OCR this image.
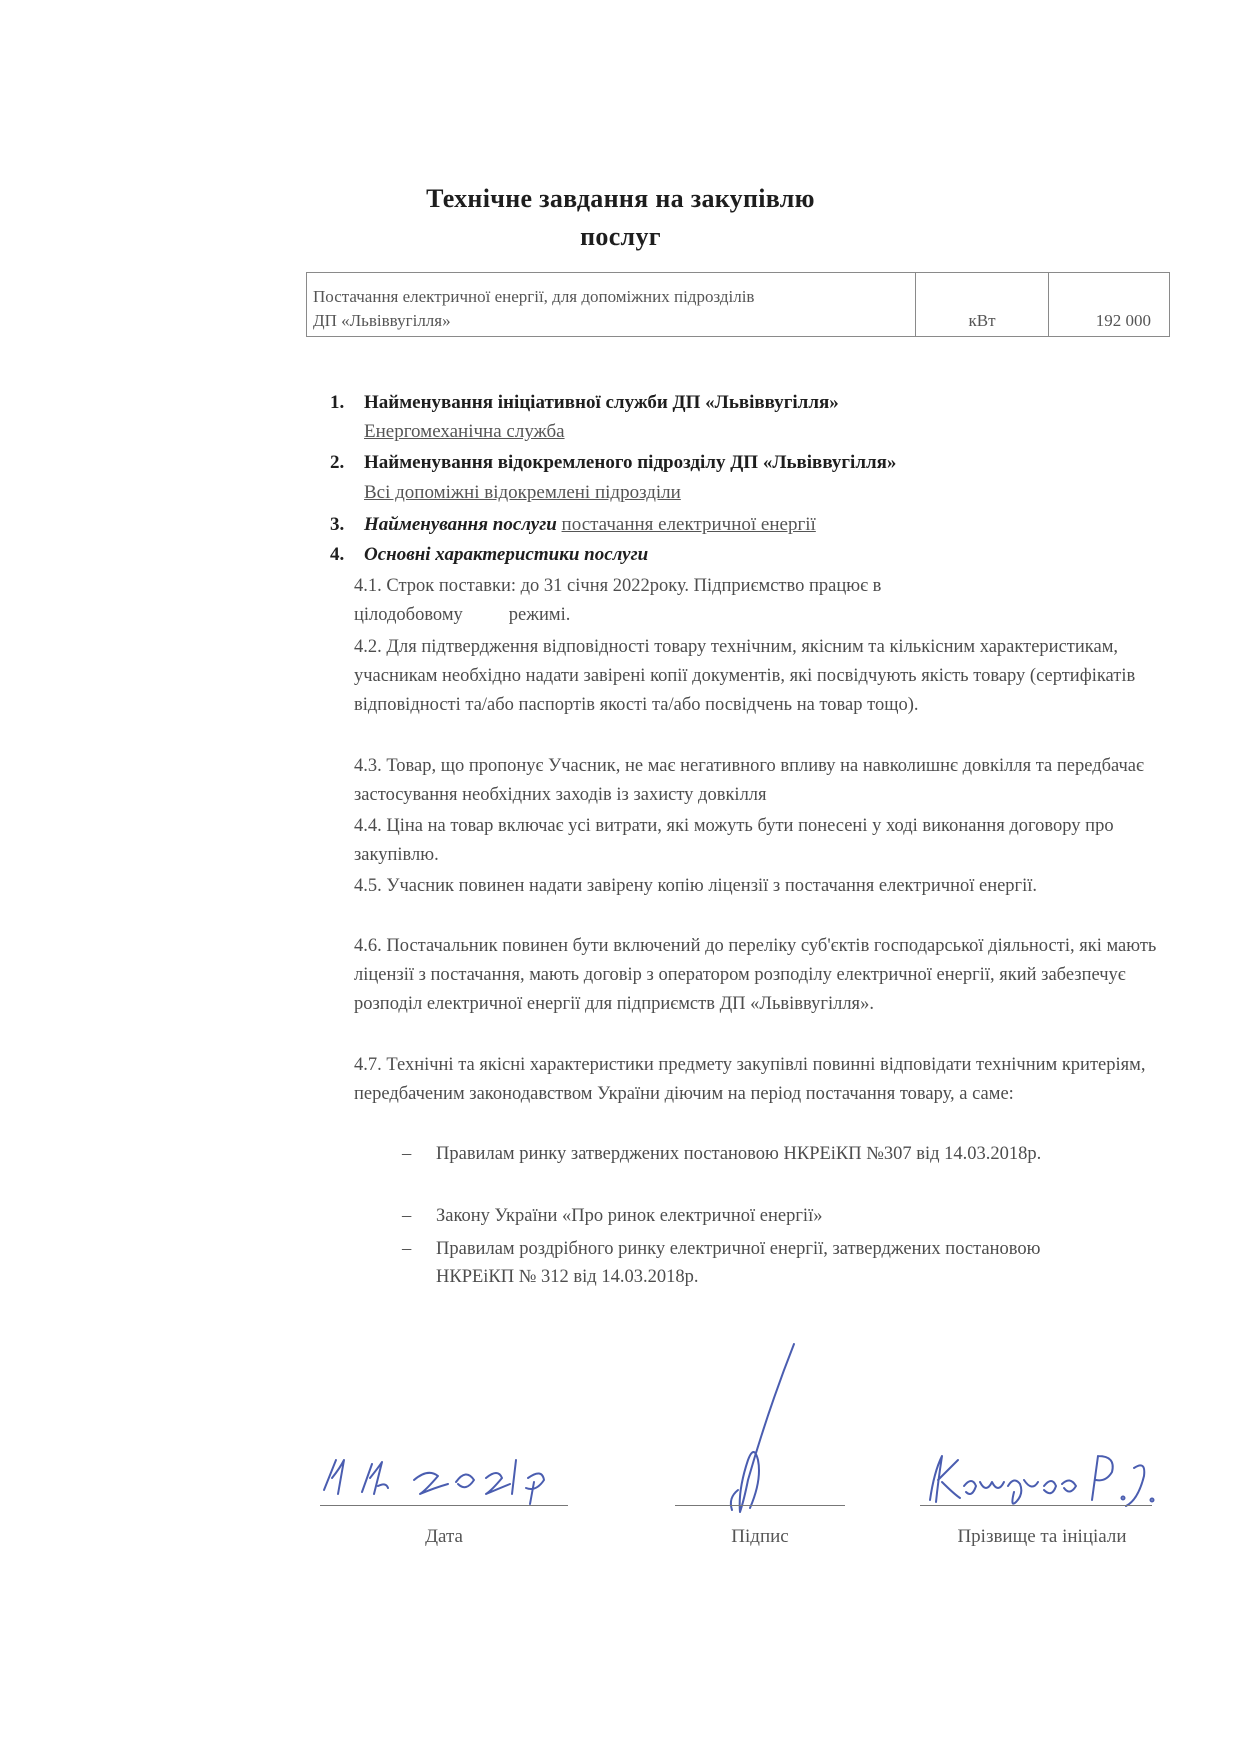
Технічне завдання на закупівлю
послуг
Постачання електричної енергії, для допоміжних підрозділів
ДП «Львіввугілля»	кВт	192 000
1. Найменування ініціативної служби ДП «Львіввугілля»
Енергомеханічна служба
2. Найменування відокремленого підрозділу ДП «Львіввугілля»
Всі допоміжні відокремлені підрозділи
3. Найменування послуги постачання електричної енергії
4. Основні характеристики послуги
4.1. Строк поставки: до 31 січня 2022року. Підприємство працює в
цілодобовому режимі.
4.2. Для підтвердження відповідності товару технічним, якісним та кількісним характеристикам, учасникам необхідно надати завірені копії документів, які посвідчують якість товару (сертифікатів відповідності та/або паспортів якості та/або посвідчень на товар тощо).
4.3. Товар, що пропонує Учасник, не має негативного впливу на навколишнє довкілля та передбачає застосування необхідних заходів із захисту довкілля
4.4. Ціна на товар включає усі витрати, які можуть бути понесені у ході виконання договору про закупівлю.
4.5. Учасник повинен надати завірену копію ліцензії з постачання електричної енергії.
4.6. Постачальник повинен бути включений до переліку суб'єктів господарської діяльності, які мають ліцензії з постачання, мають договір з оператором розподілу електричної енергії, який забезпечує розподіл електричної енергії для підприємств ДП «Львіввугілля».
4.7. Технічні та якісні характеристики предмету закупівлі повинні відповідати технічним критеріям, передбаченим законодавством України діючим на період постачання товару, а саме:
– Правилам ринку затверджених постановою НКРЕіКП №307 від 14.03.2018р.
– Закону України «Про ринок електричної енергії»
– Правилам роздрібного ринку електричної енергії, затверджених постановою НКРЕіКП № 312 від 14.03.2018р.
Дата	Підпис	Прізвище та ініціали
